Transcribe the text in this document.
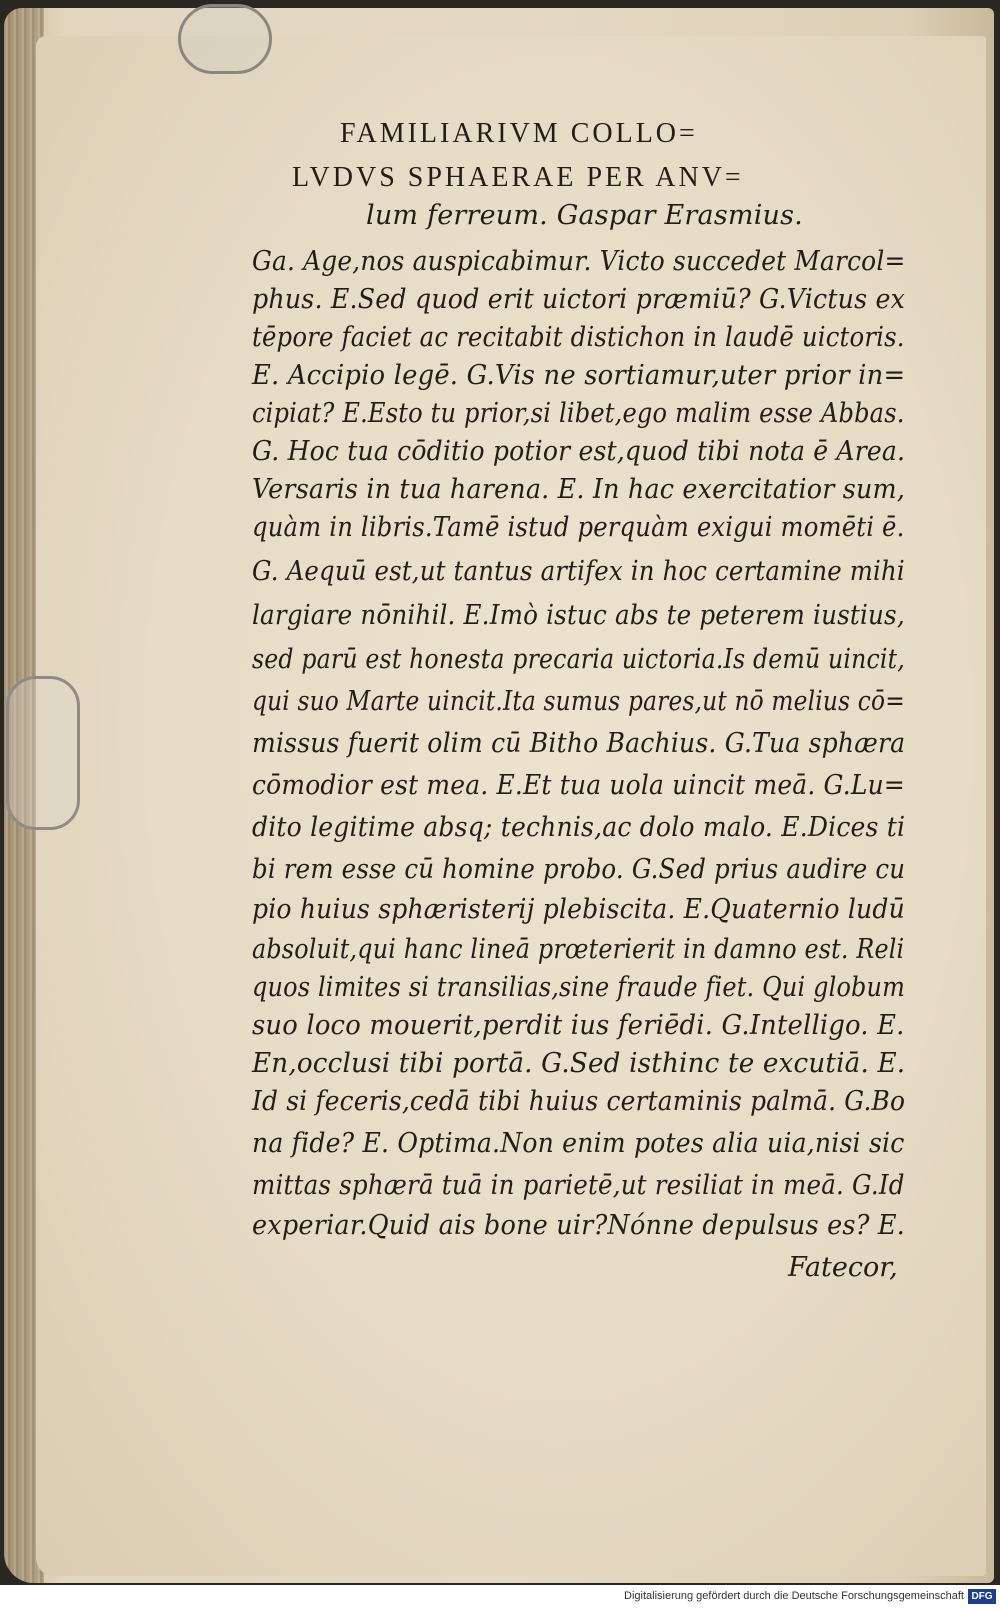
FAMILIARIVM COLLO=
LVDVS SPHAERAE PER ANV=
lum ferreum. Gaspar Erasmius.
Ga. Age,nos auspicabimur. Victo succedet Marcol=
phus. E.Sed quod erit uictori præmiū? G.Victus ex
tēpore faciet ac recitabit distichon in laudē uictoris.
E. Accipio legē. G.Vis ne sortiamur,uter prior in=
cipiat? E.Esto tu prior,si libet,ego malim esse Abbas.
G. Hoc tua cōditio potior est,quod tibi nota ē Area.
Versaris in tua harena. E. In hac exercitatior sum,
quàm in libris.Tamē istud perquàm exigui momēti ē.
G. Aequū est,ut tantus artifex in hoc certamine mihi
largiare nōnihil. E.Imò istuc abs te peterem iustius,
sed parū est honesta precaria uictoria.Is demū uincit,
qui suo Marte uincit.Ita sumus pares,ut nō melius cō=
missus fuerit olim cū Bitho Bachius. G.Tua sphæra
cōmodior est mea. E.Et tua uola uincit meā. G.Lu=
dito legitime absq; technis,ac dolo malo. E.Dices ti
bi rem esse cū homine probo. G.Sed prius audire cu
pio huius sphæristerij plebiscita. E.Quaternio ludū
absoluit,qui hanc lineā prœterierit in damno est. Reli
quos limites si transilias,sine fraude fiet. Qui globum
suo loco mouerit,perdit ius feriēdi. G.Intelligo. E.
En,occlusi tibi portā. G.Sed isthinc te excutiā. E.
Id si feceris,cedā tibi huius certaminis palmā. G.Bo
na fide? E. Optima.Non enim potes alia uia,nisi sic
mittas sphærā tuā in parietē,ut resiliat in meā. G.Id
experiar.Quid ais bone uir?Nónne depulsus es? E.
Fatecor,
Digitalisierung gefördert durch die Deutsche Forschungsgemeinschaft DFG
